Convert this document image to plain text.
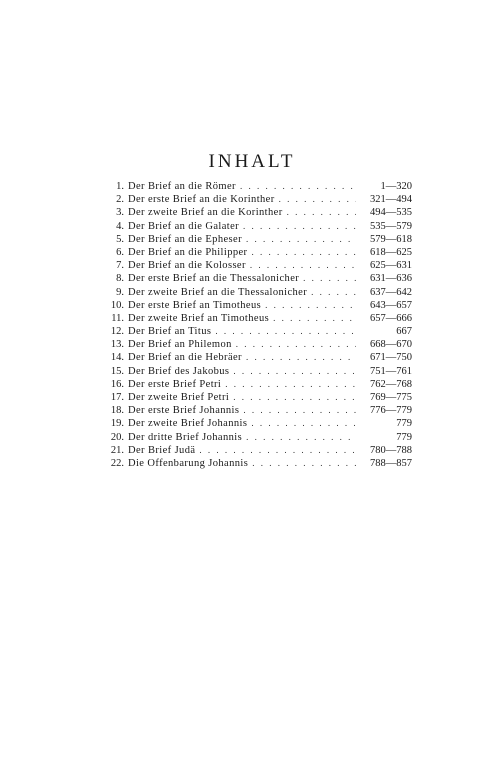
INHALT
1. Der Brief an die Römer . . .	1—320
2. Der erste Brief an die Korinther . . .	321—494
3. Der zweite Brief an die Korinther . . .	494—535
4. Der Brief an die Galater . . .	535—579
5. Der Brief an die Epheser . . .	579—618
6. Der Brief an die Philipper . . .	618—625
7. Der Brief an die Kolosser . . .	625—631
8. Der erste Brief an die Thessalonicher . . .	631—636
9. Der zweite Brief an die Thessalonicher . . .	637—642
10. Der erste Brief an Timotheus . . .	643—657
11. Der zweite Brief an Timotheus . . .	657—666
12. Der Brief an Titus . . .	667
13. Der Brief an Philemon . . .	668—670
14. Der Brief an die Hebräer . . .	671—750
15. Der Brief des Jakobus . . .	751—761
16. Der erste Brief Petri . . .	762—768
17. Der zweite Brief Petri . . .	769—775
18. Der erste Brief Johannis . . .	776—779
19. Der zweite Brief Johannis . . .	779
20. Der dritte Brief Johannis . . .	779
21. Der Brief Judä . . .	780—788
22. Die Offenbarung Johannis . . .	788—857
